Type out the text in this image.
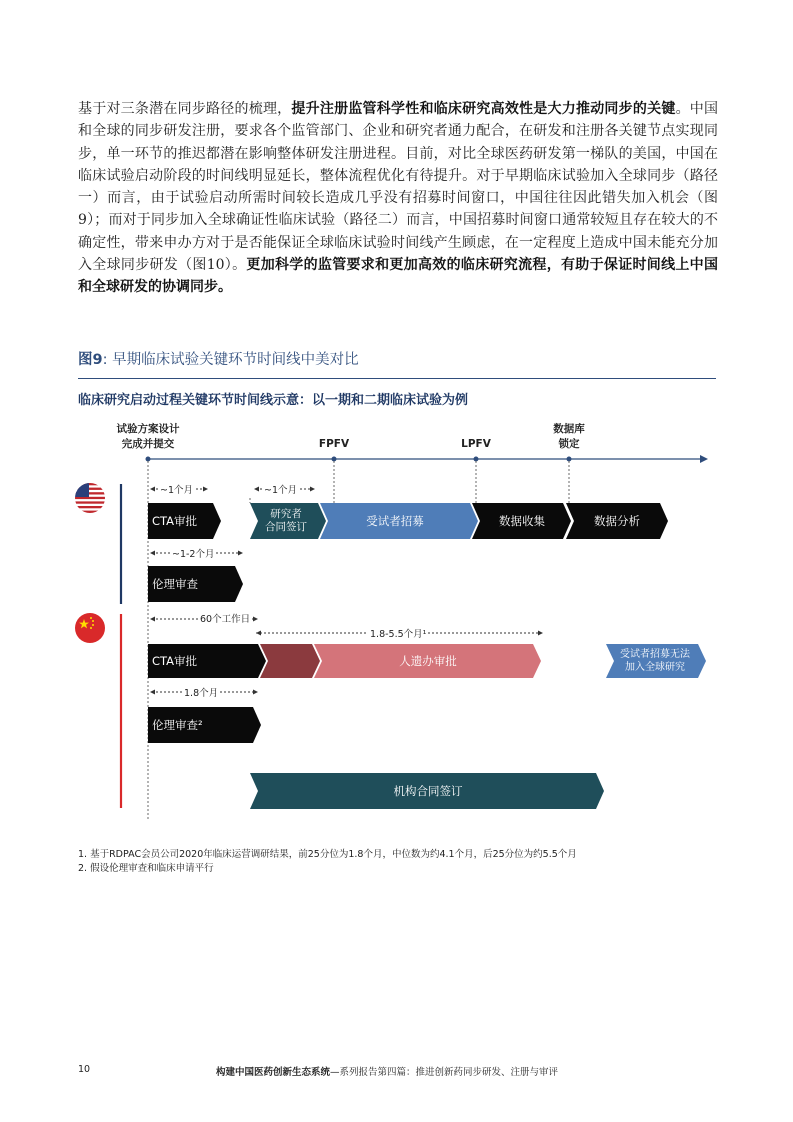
基于对三条潜在同步路径的梳理，提升注册监管科学性和临床研究高效性是大力推动同步的关键。中国和全球的同步研发注册，要求各个监管部门、企业和研究者通力配合，在研发和注册各关键节点实现同步，单一环节的推迟都潜在影响整体研发注册进程。目前，对比全球医药研发第一梯队的美国，中国在临床试验启动阶段的时间线明显延长，整体流程优化有待提升。对于早期临床试验加入全球同步（路径一）而言，由于试验启动所需时间较长造成几乎没有招募时间窗口，中国往往因此错失加入机会（图9）；而对于同步加入全球确证性临床试验（路径二）而言，中国招募时间窗口通常较短且存在较大的不确定性，带来申办方对于是否能保证全球临床试验时间线产生顾虑，在一定程度上造成中国未能充分加入全球同步研发（图10）。更加科学的监管要求和更加高效的临床研究流程，有助于保证时间线上中国和全球研发的协调同步。
图9: 早期临床试验关键环节时间线中美对比
临床研究启动过程关键环节时间线示意：以一期和二期临床试验为例
试验方案设计
完成并提交	FPFV	LPFV
数据库
锁定
~1个月	~1个月
~1-2个月
60个工作日
1.8-5.5个月¹
1.8个月
CTA审批	研究者
合同签订	受试者招募	数据收集	数据分析
伦理审查
CTA审批	人遗办审批	受试者招募无法
加入全球研究
伦理审查²
机构合同签订
1. 基于RDPAC会员公司2020年临床运营调研结果，前25分位为1.8个月，中位数为约4.1个月，后25分位为约5.5个月
2. 假设伦理审查和临床申请平行
10	构建中国医药创新生态系统—系列报告第四篇：推进创新药同步研发、注册与审评
